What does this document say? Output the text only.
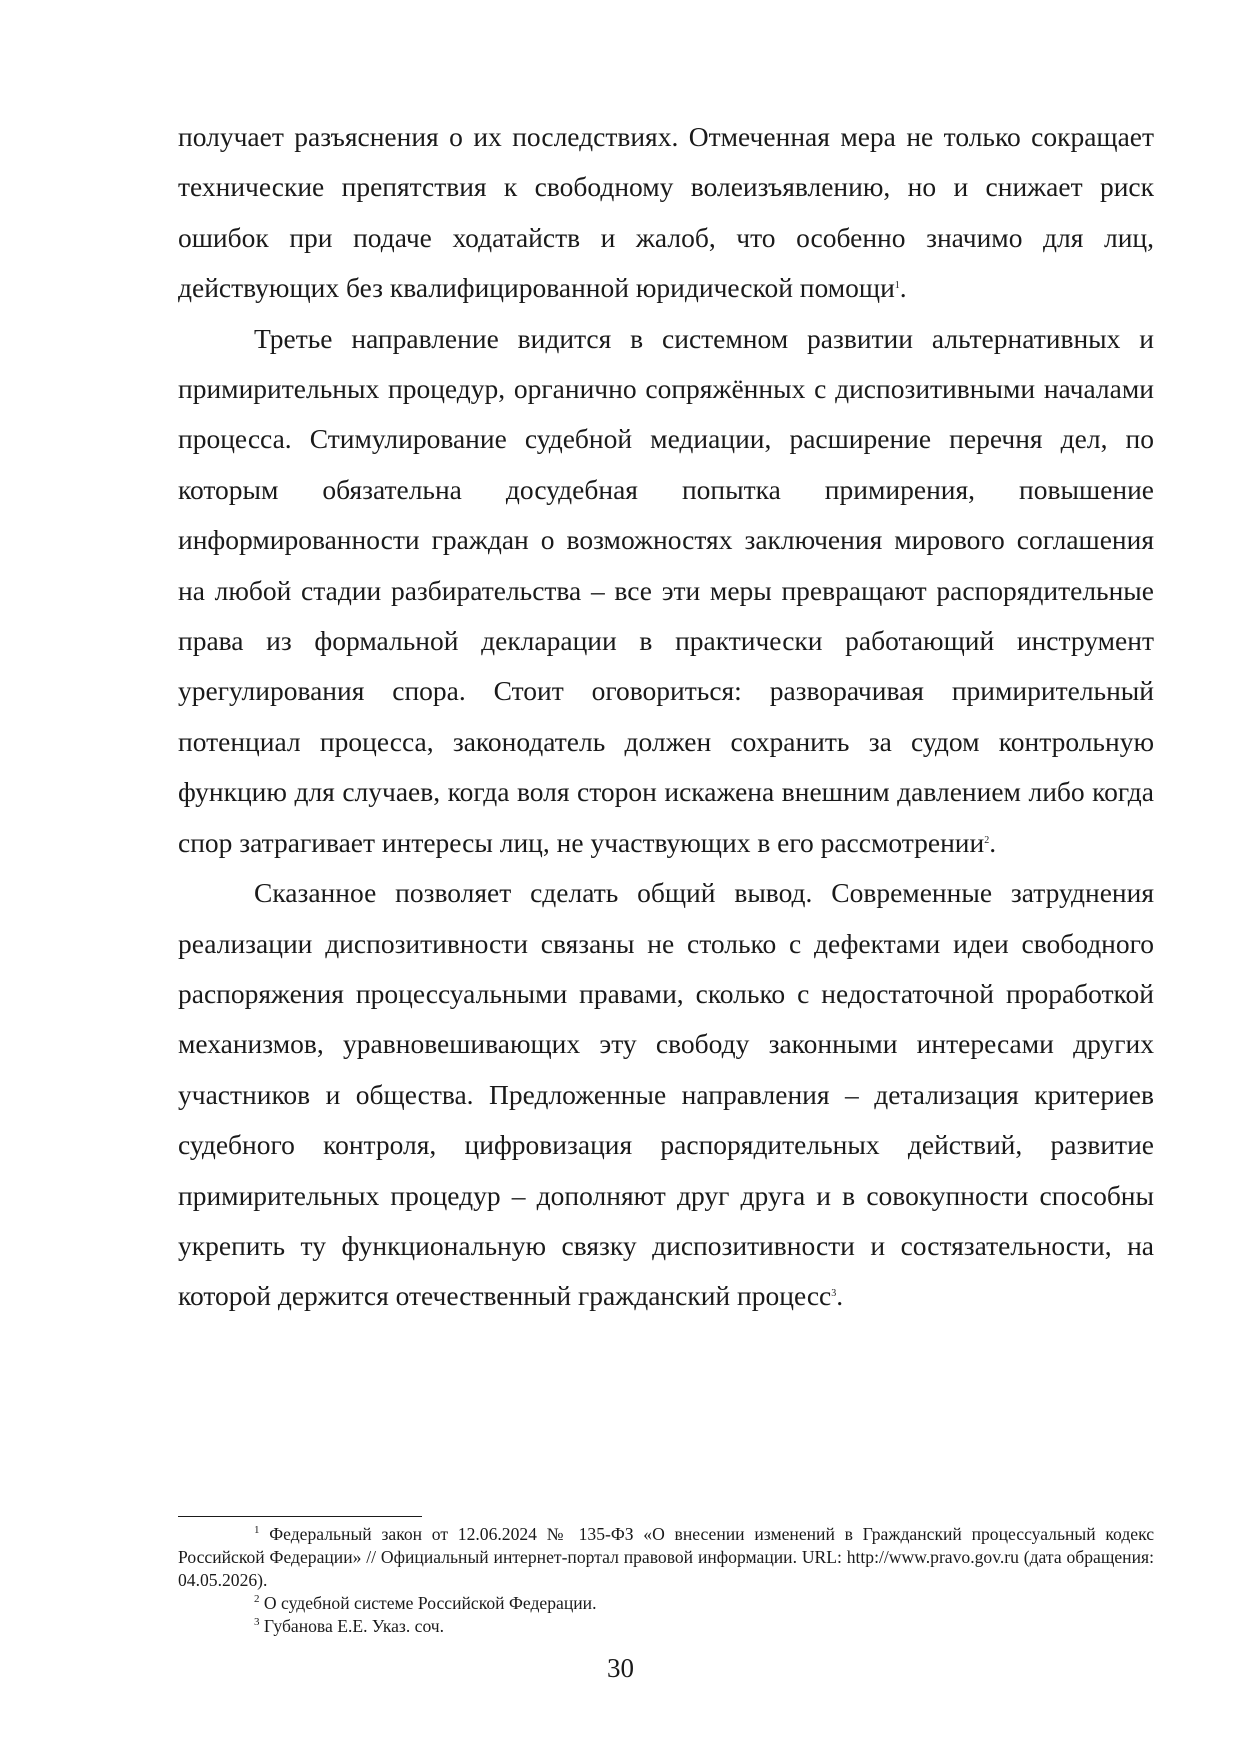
получает разъяснения о их последствиях. Отмеченная мера не только сокращает технические препятствия к свободному волеизъявлению, но и снижает риск ошибок при подаче ходатайств и жалоб, что особенно значимо для лиц, действующих без квалифицированной юридической помощи$^1$.

Третье направление видится в системном развитии альтернативных и примирительных процедур, органично сопряжённых с диспозитивными началами процесса. Стимулирование судебной медиации, расширение перечня дел, по которым обязательна досудебная попытка примирения, повышение информированности граждан о возможностях заключения мирового соглашения на любой стадии разбирательства – все эти меры превращают распорядительные права из формальной декларации в практически работающий инструмент урегулирования спора. Стоит оговориться: разворачивая примирительный потенциал процесса, законодатель должен сохранить за судом контрольную функцию для случаев, когда воля сторон искажена внешним давлением либо когда спор затрагивает интересы лиц, не участвующих в его рассмотрении$^2$.

Сказанное позволяет сделать общий вывод. Современные затруднения реализации диспозитивности связаны не столько с дефектами идеи свободного распоряжения процессуальными правами, сколько с недостаточной проработкой механизмов, уравновешивающих эту свободу законными интересами других участников и общества. Предложенные направления – детализация критериев судебного контроля, цифровизация распорядительных действий, развитие примирительных процедур – дополняют друг друга и в совокупности способны укрепить ту функциональную связку диспозитивности и состязательности, на которой держится отечественный гражданский процесс$^3$.

$^1$ Федеральный закон от 12.06.2024 № 135-ФЗ «О внесении изменений в Гражданский процессуальный кодекс Российской Федерации» // Официальный интернет-портал правовой информации. URL: http://www.pravo.gov.ru (дата обращения: 04.05.2026).

$^2$ О судебной системе Российской Федерации.

$^3$ Губанова Е.Е. Указ. соч.

30
